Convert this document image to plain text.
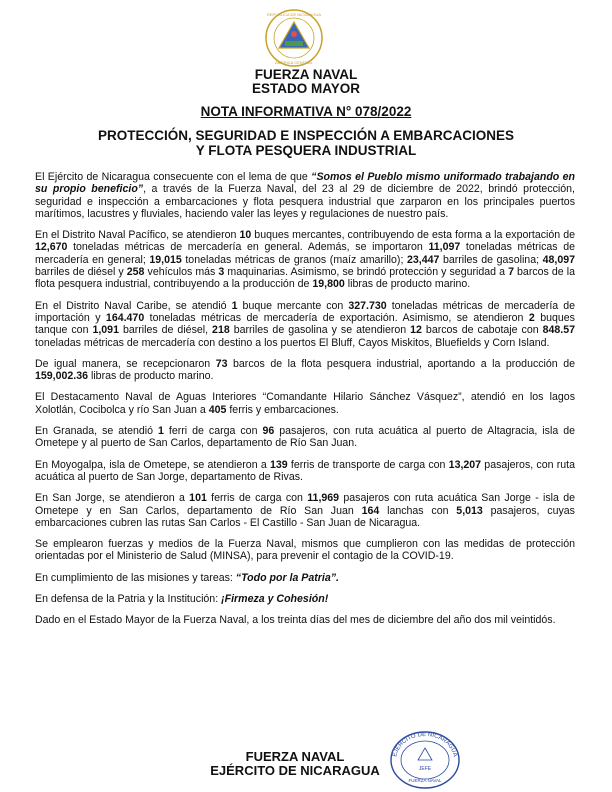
REPÚBLICA DE NICARAGUA
AMÉRICA CENTRAL
FUERZA NAVAL
ESTADO MAYOR
NOTA INFORMATIVA N° 078/2022
PROTECCIÓN, SEGURIDAD E INSPECCIÓN A EMBARCACIONES
Y FLOTA PESQUERA INDUSTRIAL

El Ejército de Nicaragua consecuente con el lema de que “Somos el Pueblo mismo uniformado trabajando en su propio beneficio”, a través de la Fuerza Naval, del 23 al 29 de diciembre de 2022, brindó protección, seguridad e inspección a embarcaciones y flota pesquera industrial que zarparon en los principales puertos marítimos, lacustres y fluviales, haciendo valer las leyes y regulaciones de nuestro país.

En el Distrito Naval Pacífico, se atendieron 10 buques mercantes, contribuyendo de esta forma a la exportación de 12,670 toneladas métricas de mercadería en general. Además, se importaron 11,097 toneladas métricas de mercadería en general; 19,015 toneladas métricas de granos (maíz amarillo); 23,447 barriles de gasolina; 48,097 barriles de diésel y 258 vehículos más 3 maquinarias. Asimismo, se brindó protección y seguridad a 7 barcos de la flota pesquera industrial, contribuyendo a la producción de 19,800 libras de producto marino.

En el Distrito Naval Caribe, se atendió 1 buque mercante con 327.730 toneladas métricas de mercadería de importación y 164.470 toneladas métricas de mercadería de exportación. Asimismo, se atendieron 2 buques tanque con 1,091 barriles de diésel, 218 barriles de gasolina y se atendieron 12 barcos de cabotaje con 848.57 toneladas métricas de mercadería con destino a los puertos El Bluff, Cayos Miskitos, Bluefields y Corn Island.

De igual manera, se recepcionaron 73 barcos de la flota pesquera industrial, aportando a la producción de 159,002.36 libras de producto marino.

El Destacamento Naval de Aguas Interiores “Comandante Hilario Sánchez Vásquez”, atendió en los lagos Xolotlán, Cocibolca y río San Juan a 405 ferris y embarcaciones.

En Granada, se atendió 1 ferri de carga con 96 pasajeros, con ruta acuática al puerto de Altagracia, isla de Ometepe y al puerto de San Carlos, departamento de Río San Juan.

En Moyogalpa, isla de Ometepe, se atendieron a 139 ferris de transporte de carga con 13,207 pasajeros, con ruta acuática al puerto de San Jorge, departamento de Rivas.

En San Jorge, se atendieron a 101 ferris de carga con 11,969 pasajeros con ruta acuática San Jorge - isla de Ometepe y en San Carlos, departamento de Río San Juan 164 lanchas con 5,013 pasajeros, cuyas embarcaciones cubren las rutas San Carlos - El Castillo - San Juan de Nicaragua.

Se emplearon fuerzas y medios de la Fuerza Naval, mismos que cumplieron con las medidas de protección orientadas por el Ministerio de Salud (MINSA), para prevenir el contagio de la COVID-19.

En cumplimiento de las misiones y tareas: “Todo por la Patria”.

En defensa de la Patria y la Institución: ¡Firmeza y Cohesión!

Dado en el Estado Mayor de la Fuerza Naval, a los treinta días del mes de diciembre del año dos mil veintidós.

FUERZA NAVAL
EJÉRCITO DE NICARAGUA
EJÉRCITO DE NICARAGUA
JEFE
FUERZA NAVAL
